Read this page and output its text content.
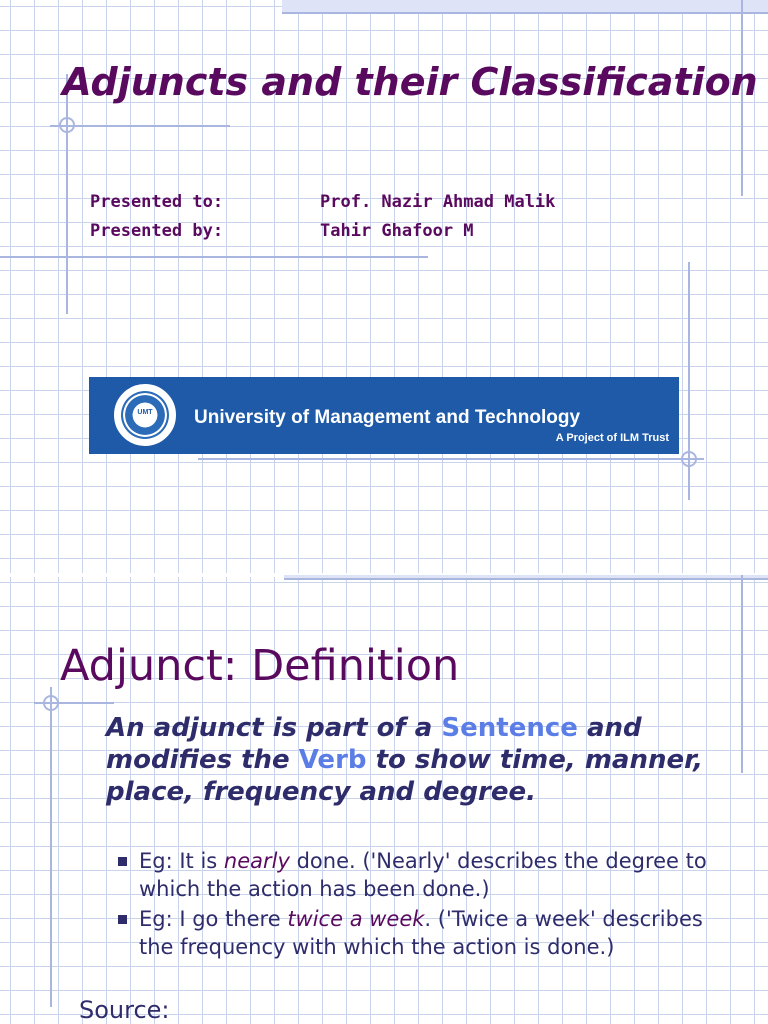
Adjuncts and their Classification
Presented to:	Prof. Nazir Ahmad Malik
Presented by:	Tahir Ghafoor M
UMT	University of Management and Technology
A Project of ILM Trust
Adjunct: Definition

An adjunct is part of a Sentence and modifies the Verb to show time, manner, place, frequency and degree.

Eg: It is nearly done. ('Nearly' describes the degree to which the action has been done.)
Eg: I go there twice a week. ('Twice a week' describes the frequency with which the action is done.)

Source:
